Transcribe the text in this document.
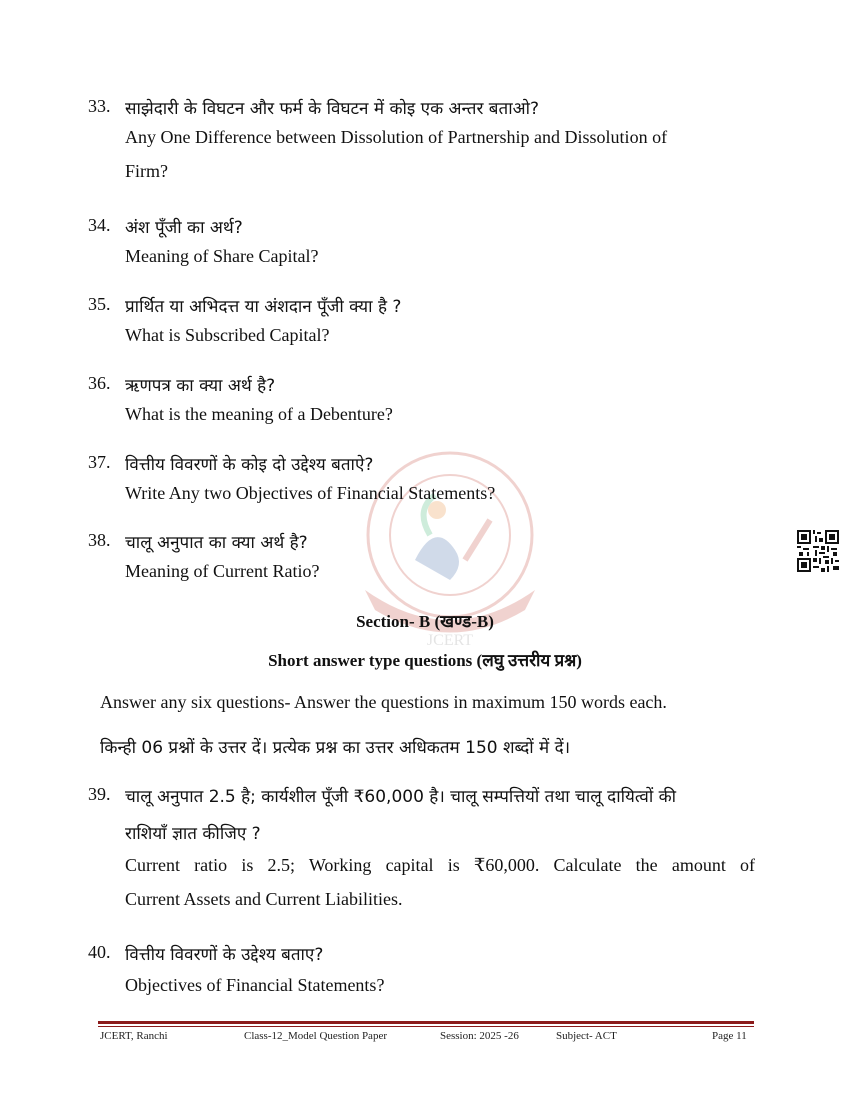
JCERT
33. साझेदारी के विघटन और फर्म के विघटन में कोइ एक अन्तर बताओ?
Any One Difference between Dissolution of Partnership and Dissolution of
Firm?
34. अंश पूँजी का अर्थ?
Meaning of Share Capital?
35. प्रार्थित या अभिदत्त या अंशदान पूँजी क्या है ?
What is Subscribed Capital?
36. ऋणपत्र का क्या अर्थ है?
What is the meaning of a Debenture?
37. वित्तीय विवरणों के कोइ दो उद्देश्य बताऐ?
Write Any two Objectives of Financial Statements?
38. चालू अनुपात का क्या अर्थ है?
Meaning of Current Ratio?
Section- B (खण्ड-B)
Short answer type questions (लघु उत्तरीय प्रश्न)
Answer any six questions- Answer the questions in maximum 150 words each.
किन्ही 06 प्रश्नों के उत्तर दें। प्रत्येक प्रश्न का उत्तर अधिकतम 150 शब्दों में दें।
39. चालू अनुपात 2.5 है; कार्यशील पूँजी ₹60,000 है। चालू सम्पत्तियों तथा चालू दायित्वों की
राशियाँ ज्ञात कीजिए ?
Current ratio is 2.5; Working capital is ₹60,000. Calculate the amount of
Current Assets and Current Liabilities.
40. वित्तीय विवरणों के उद्देश्य बताए?
Objectives of Financial Statements?
JCERT, Ranchi	Class-12_Model Question Paper	Session: 2025 -26	Subject- ACT	Page 11
